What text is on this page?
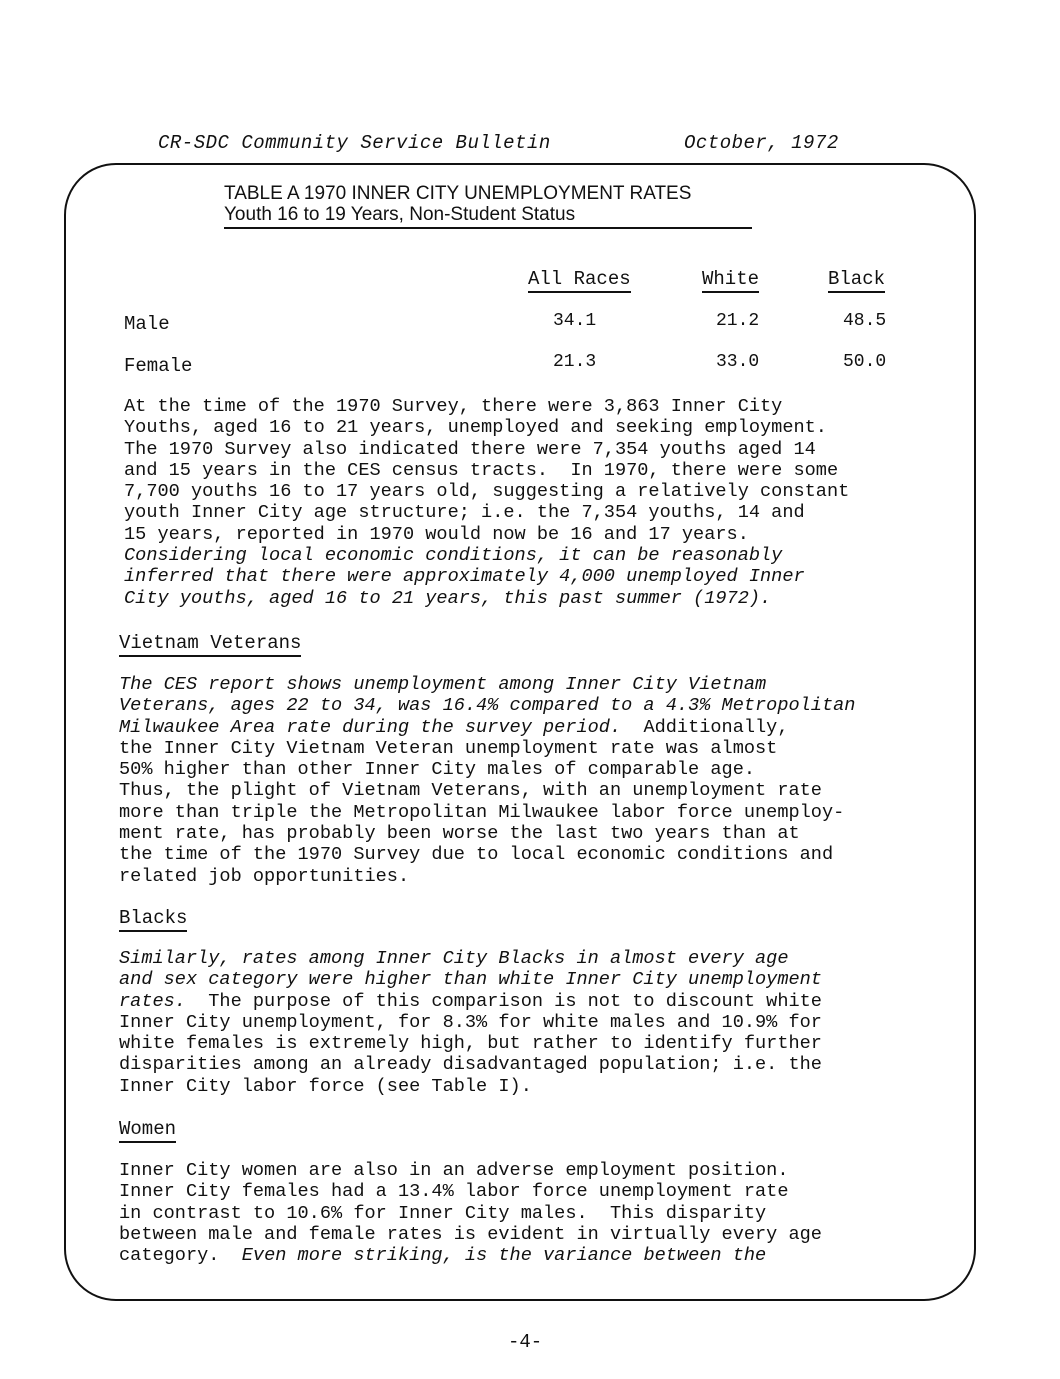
CR-SDC Community Service Bulletin	October, 1972
TABLE A 1970 INNER CITY UNEMPLOYMENT RATES
Youth 16 to 19 Years, Non-Student Status
All Races	White	Black
Male	34.1	21.2	48.5
Female	21.3	33.0	50.0
At the time of the 1970 Survey, there were 3,863 Inner City
Youths, aged 16 to 21 years, unemployed and seeking employment.
The 1970 Survey also indicated there were 7,354 youths aged 14
and 15 years in the CES census tracts.  In 1970, there were some
7,700 youths 16 to 17 years old, suggesting a relatively constant
youth Inner City age structure; i.e. the 7,354 youths, 14 and
15 years, reported in 1970 would now be 16 and 17 years.
Considering local economic conditions, it can be reasonably
inferred that there were approximately 4,000 unemployed Inner
City youths, aged 16 to 21 years, this past summer (1972).
Vietnam Veterans
The CES report shows unemployment among Inner City Vietnam
Veterans, ages 22 to 34, was 16.4% compared to a 4.3% Metropolitan
Milwaukee Area rate during the survey period.  Additionally,
the Inner City Vietnam Veteran unemployment rate was almost
50% higher than other Inner City males of comparable age.
Thus, the plight of Vietnam Veterans, with an unemployment rate
more than triple the Metropolitan Milwaukee labor force unemploy-
ment rate, has probably been worse the last two years than at
the time of the 1970 Survey due to local economic conditions and
related job opportunities.
Blacks
Similarly, rates among Inner City Blacks in almost every age
and sex category were higher than white Inner City unemployment
rates.  The purpose of this comparison is not to discount white
Inner City unemployment, for 8.3% for white males and 10.9% for
white females is extremely high, but rather to identify further
disparities among an already disadvantaged population; i.e. the
Inner City labor force (see Table I).
Women
Inner City women are also in an adverse employment position.
Inner City females had a 13.4% labor force unemployment rate
in contrast to 10.6% for Inner City males.  This disparity
between male and female rates is evident in virtually every age
category.  Even more striking, is the variance between the
-4-
